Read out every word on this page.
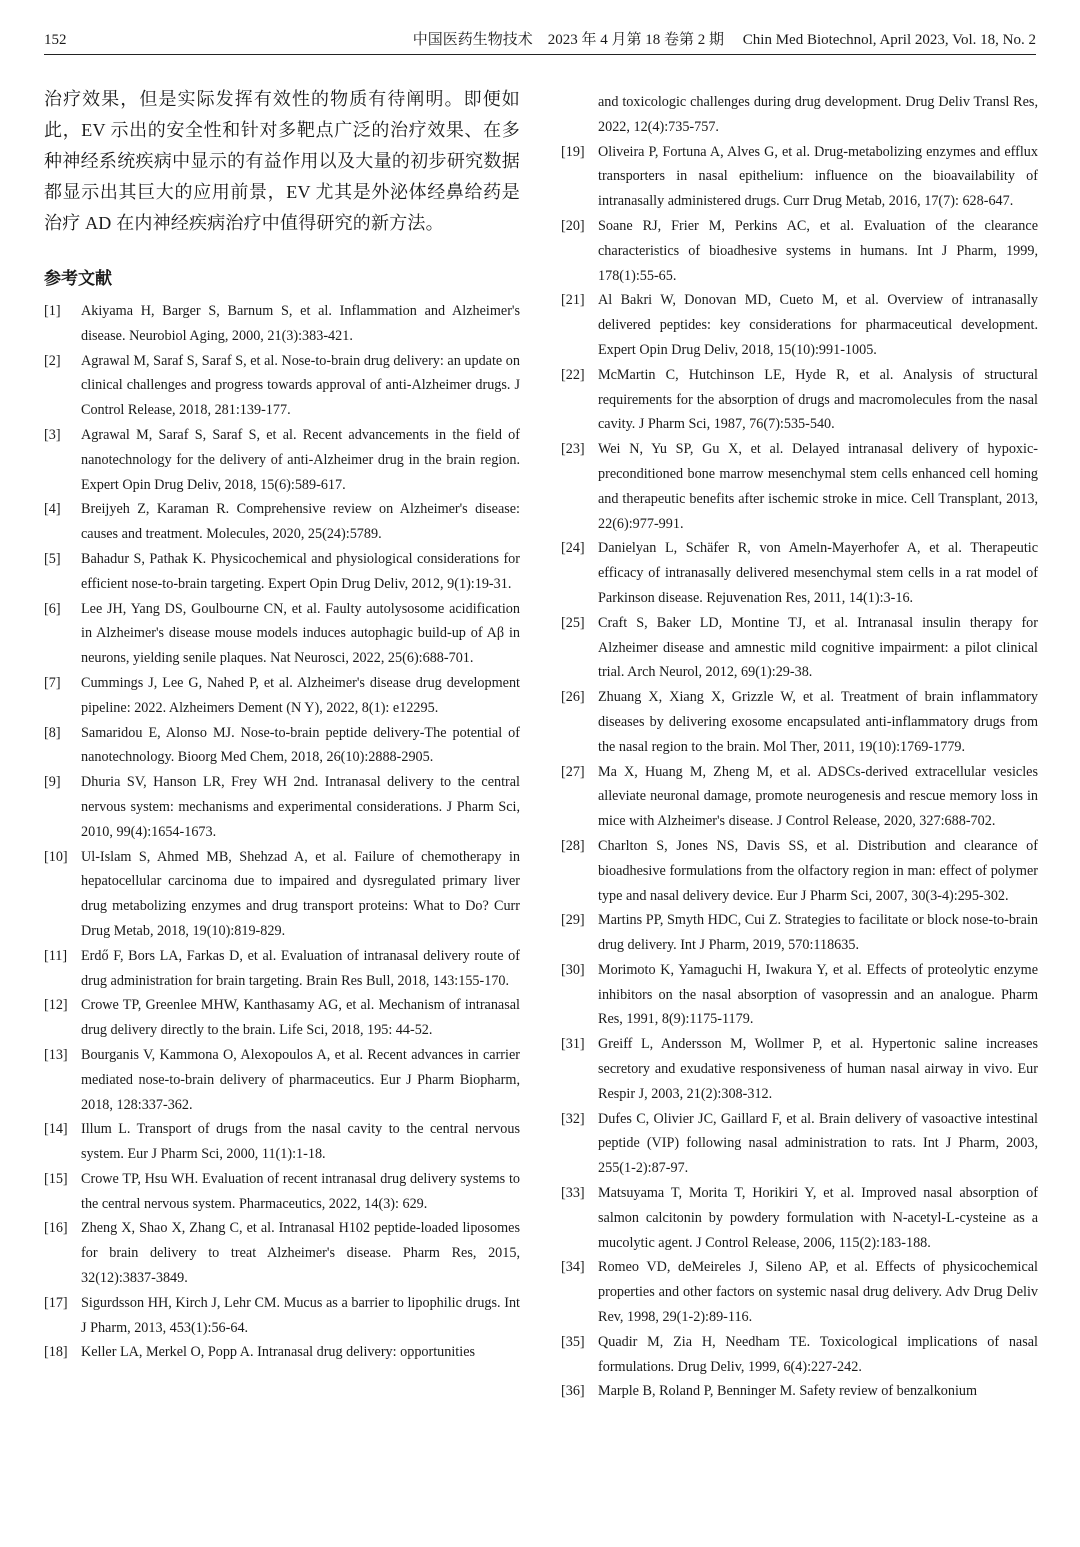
152	中国医药生物技术　2023 年 4 月第 18 卷第 2 期　 Chin Med Biotechnol, April 2023, Vol. 18, No. 2

治疗效果，但是实际发挥有效性的物质有待阐明。即便如此，EV 示出的安全性和针对多靶点广泛的治疗效果、在多种神经系统疾病中显示的有益作用以及大量的初步研究数据都显示出其巨大的应用前景，EV 尤其是外泌体经鼻给药是治疗 AD 在内神经疾病治疗中值得研究的新方法。

参考文献
[1] Akiyama H, Barger S, Barnum S, et al. Inflammation and Alzheimer's disease. Neurobiol Aging, 2000, 21(3):383-421.
[2] Agrawal M, Saraf S, Saraf S, et al. Nose-to-brain drug delivery: an update on clinical challenges and progress towards approval of anti-Alzheimer drugs. J Control Release, 2018, 281:139-177.
[3] Agrawal M, Saraf S, Saraf S, et al. Recent advancements in the field of nanotechnology for the delivery of anti-Alzheimer drug in the brain region. Expert Opin Drug Deliv, 2018, 15(6):589-617.
[4] Breijyeh Z, Karaman R. Comprehensive review on Alzheimer's disease: causes and treatment. Molecules, 2020, 25(24):5789.
[5] Bahadur S, Pathak K. Physicochemical and physiological considerations for efficient nose-to-brain targeting. Expert Opin Drug Deliv, 2012, 9(1):19-31.
[6] Lee JH, Yang DS, Goulbourne CN, et al. Faulty autolysosome acidification in Alzheimer's disease mouse models induces autophagic build-up of Aβ in neurons, yielding senile plaques. Nat Neurosci, 2022, 25(6):688-701.
[7] Cummings J, Lee G, Nahed P, et al. Alzheimer's disease drug development pipeline: 2022. Alzheimers Dement (N Y), 2022, 8(1): e12295.
[8] Samaridou E, Alonso MJ. Nose-to-brain peptide delivery-The potential of nanotechnology. Bioorg Med Chem, 2018, 26(10):2888-2905.
[9] Dhuria SV, Hanson LR, Frey WH 2nd. Intranasal delivery to the central nervous system: mechanisms and experimental considerations. J Pharm Sci, 2010, 99(4):1654-1673.
[10] Ul-Islam S, Ahmed MB, Shehzad A, et al. Failure of chemotherapy in hepatocellular carcinoma due to impaired and dysregulated primary liver drug metabolizing enzymes and drug transport proteins: What to Do? Curr Drug Metab, 2018, 19(10):819-829.
[11] Erdő F, Bors LA, Farkas D, et al. Evaluation of intranasal delivery route of drug administration for brain targeting. Brain Res Bull, 2018, 143:155-170.
[12] Crowe TP, Greenlee MHW, Kanthasamy AG, et al. Mechanism of intranasal drug delivery directly to the brain. Life Sci, 2018, 195: 44-52.
[13] Bourganis V, Kammona O, Alexopoulos A, et al. Recent advances in carrier mediated nose-to-brain delivery of pharmaceutics. Eur J Pharm Biopharm, 2018, 128:337-362.
[14] Illum L. Transport of drugs from the nasal cavity to the central nervous system. Eur J Pharm Sci, 2000, 11(1):1-18.
[15] Crowe TP, Hsu WH. Evaluation of recent intranasal drug delivery systems to the central nervous system. Pharmaceutics, 2022, 14(3): 629.
[16] Zheng X, Shao X, Zhang C, et al. Intranasal H102 peptide-loaded liposomes for brain delivery to treat Alzheimer's disease. Pharm Res, 2015, 32(12):3837-3849.
[17] Sigurdsson HH, Kirch J, Lehr CM. Mucus as a barrier to lipophilic drugs. Int J Pharm, 2013, 453(1):56-64.
[18] Keller LA, Merkel O, Popp A. Intranasal drug delivery: opportunities
and toxicologic challenges during drug development. Drug Deliv Transl Res, 2022, 12(4):735-757.
[19] Oliveira P, Fortuna A, Alves G, et al. Drug-metabolizing enzymes and efflux transporters in nasal epithelium: influence on the bioavailability of intranasally administered drugs. Curr Drug Metab, 2016, 17(7): 628-647.
[20] Soane RJ, Frier M, Perkins AC, et al. Evaluation of the clearance characteristics of bioadhesive systems in humans. Int J Pharm, 1999, 178(1):55-65.
[21] Al Bakri W, Donovan MD, Cueto M, et al. Overview of intranasally delivered peptides: key considerations for pharmaceutical development. Expert Opin Drug Deliv, 2018, 15(10):991-1005.
[22] McMartin C, Hutchinson LE, Hyde R, et al. Analysis of structural requirements for the absorption of drugs and macromolecules from the nasal cavity. J Pharm Sci, 1987, 76(7):535-540.
[23] Wei N, Yu SP, Gu X, et al. Delayed intranasal delivery of hypoxic-preconditioned bone marrow mesenchymal stem cells enhanced cell homing and therapeutic benefits after ischemic stroke in mice. Cell Transplant, 2013, 22(6):977-991.
[24] Danielyan L, Schäfer R, von Ameln-Mayerhofer A, et al. Therapeutic efficacy of intranasally delivered mesenchymal stem cells in a rat model of Parkinson disease. Rejuvenation Res, 2011, 14(1):3-16.
[25] Craft S, Baker LD, Montine TJ, et al. Intranasal insulin therapy for Alzheimer disease and amnestic mild cognitive impairment: a pilot clinical trial. Arch Neurol, 2012, 69(1):29-38.
[26] Zhuang X, Xiang X, Grizzle W, et al. Treatment of brain inflammatory diseases by delivering exosome encapsulated anti-inflammatory drugs from the nasal region to the brain. Mol Ther, 2011, 19(10):1769-1779.
[27] Ma X, Huang M, Zheng M, et al. ADSCs-derived extracellular vesicles alleviate neuronal damage, promote neurogenesis and rescue memory loss in mice with Alzheimer's disease. J Control Release, 2020, 327:688-702.
[28] Charlton S, Jones NS, Davis SS, et al. Distribution and clearance of bioadhesive formulations from the olfactory region in man: effect of polymer type and nasal delivery device. Eur J Pharm Sci, 2007, 30(3-4):295-302.
[29] Martins PP, Smyth HDC, Cui Z. Strategies to facilitate or block nose-to-brain drug delivery. Int J Pharm, 2019, 570:118635.
[30] Morimoto K, Yamaguchi H, Iwakura Y, et al. Effects of proteolytic enzyme inhibitors on the nasal absorption of vasopressin and an analogue. Pharm Res, 1991, 8(9):1175-1179.
[31] Greiff L, Andersson M, Wollmer P, et al. Hypertonic saline increases secretory and exudative responsiveness of human nasal airway in vivo. Eur Respir J, 2003, 21(2):308-312.
[32] Dufes C, Olivier JC, Gaillard F, et al. Brain delivery of vasoactive intestinal peptide (VIP) following nasal administration to rats. Int J Pharm, 2003, 255(1-2):87-97.
[33] Matsuyama T, Morita T, Horikiri Y, et al. Improved nasal absorption of salmon calcitonin by powdery formulation with N-acetyl-L-cysteine as a mucolytic agent. J Control Release, 2006, 115(2):183-188.
[34] Romeo VD, deMeireles J, Sileno AP, et al. Effects of physicochemical properties and other factors on systemic nasal drug delivery. Adv Drug Deliv Rev, 1998, 29(1-2):89-116.
[35] Quadir M, Zia H, Needham TE. Toxicological implications of nasal formulations. Drug Deliv, 1999, 6(4):227-242.
[36] Marple B, Roland P, Benninger M. Safety review of benzalkonium
